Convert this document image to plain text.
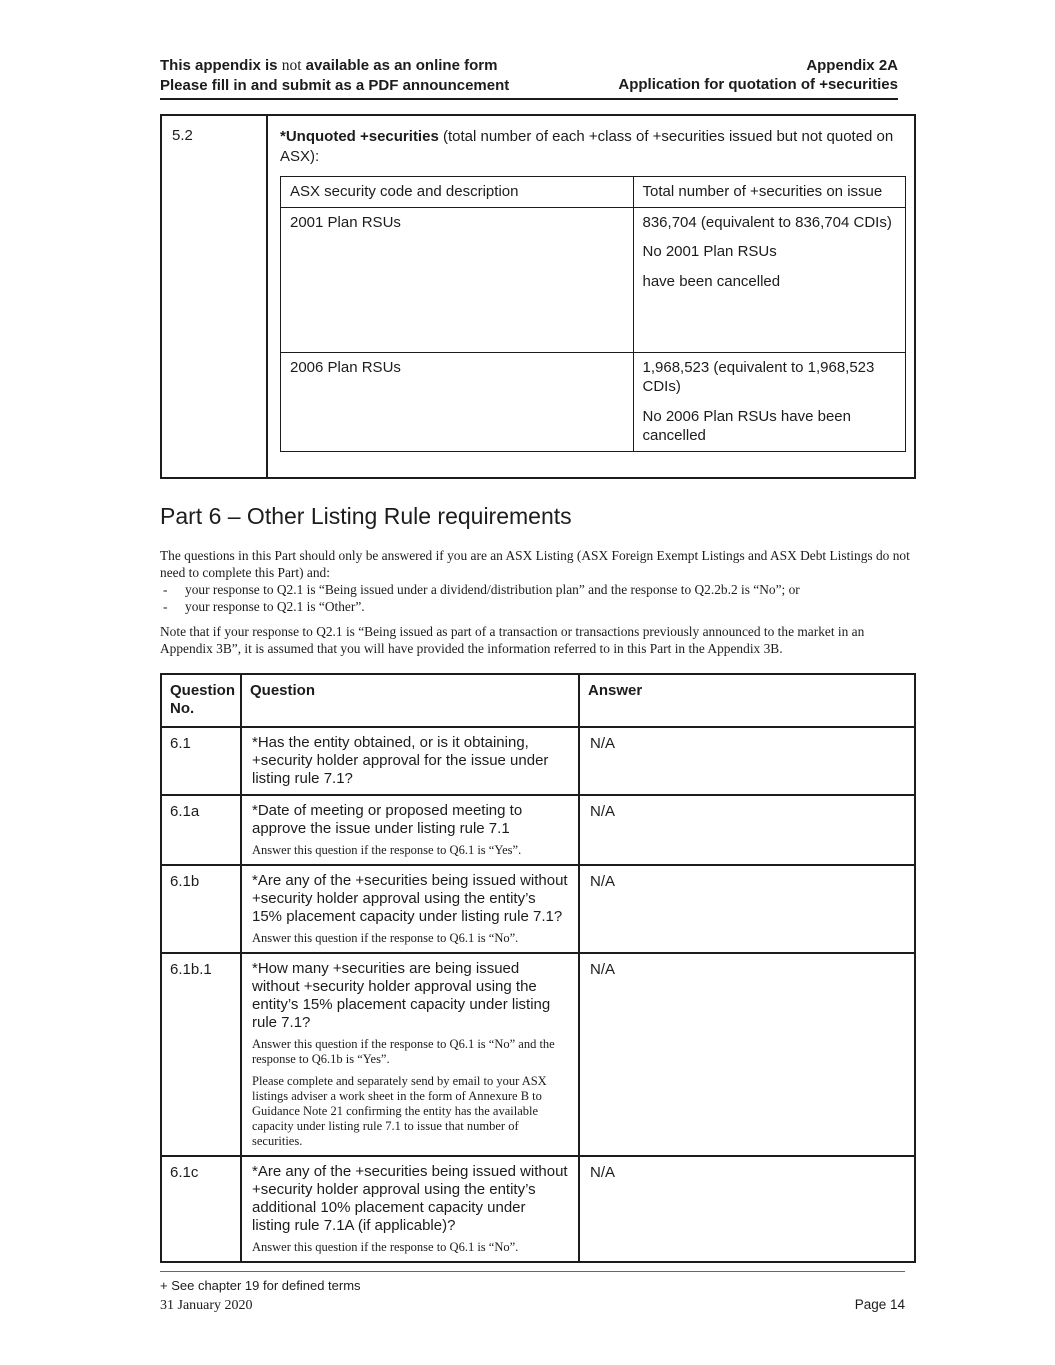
This appendix is not available as an online form
Please fill in and submit as a PDF announcement
Appendix 2A
Application for quotation of +securities
5.2	*Unquoted +securities (total number of each +class of +securities issued but not quoted on ASX):

ASX security code and description	Total number of +securities on issue
2001 Plan RSUs	836,704 (equivalent to 836,704 CDIs)

No 2001 Plan RSUs

have been cancelled

2006 Plan RSUs	1,968,523 (equivalent to 1,968,523 CDIs)

No 2006 Plan RSUs have been cancelled

Part 6 – Other Listing Rule requirements

The questions in this Part should only be answered if you are an ASX Listing (ASX Foreign Exempt Listings and ASX Debt Listings do not need to complete this Part) and:

-	your response to Q2.1 is “Being issued under a dividend/distribution plan” and the response to Q2.2b.2 is “No”; or
-	your response to Q2.1 is “Other”.

Note that if your response to Q2.1 is “Being issued as part of a transaction or transactions previously announced to the market in an Appendix 3B”, it is assumed that you will have provided the information referred to in this Part in the Appendix 3B.

Question No.	Question	Answer
6.1	*Has the entity obtained, or is it obtaining, +security holder approval for the issue under listing rule 7.1?	N/A
6.1a	*Date of meeting or proposed meeting to approve the issue under listing rule 7.1

Answer this question if the response to Q6.1 is “Yes”.	N/A
6.1b	*Are any of the +securities being issued without +security holder approval using the entity’s 15% placement capacity under listing rule 7.1?

Answer this question if the response to Q6.1 is “No”.	N/A
6.1b.1	*How many +securities are being issued without +security holder approval using the entity’s 15% placement capacity under listing rule 7.1?

Answer this question if the response to Q6.1 is “No” and the response to Q6.1b is “Yes”.

Please complete and separately send by email to your ASX listings adviser a work sheet in the form of Annexure B to Guidance Note 21 confirming the entity has the available capacity under listing rule 7.1 to issue that number of securities.	N/A
6.1c	*Are any of the +securities being issued without +security holder approval using the entity’s additional 10% placement capacity under listing rule 7.1A (if applicable)?

Answer this question if the response to Q6.1 is “No”.	N/A
+ See chapter 19 for defined terms
31 January 2020	Page 14
